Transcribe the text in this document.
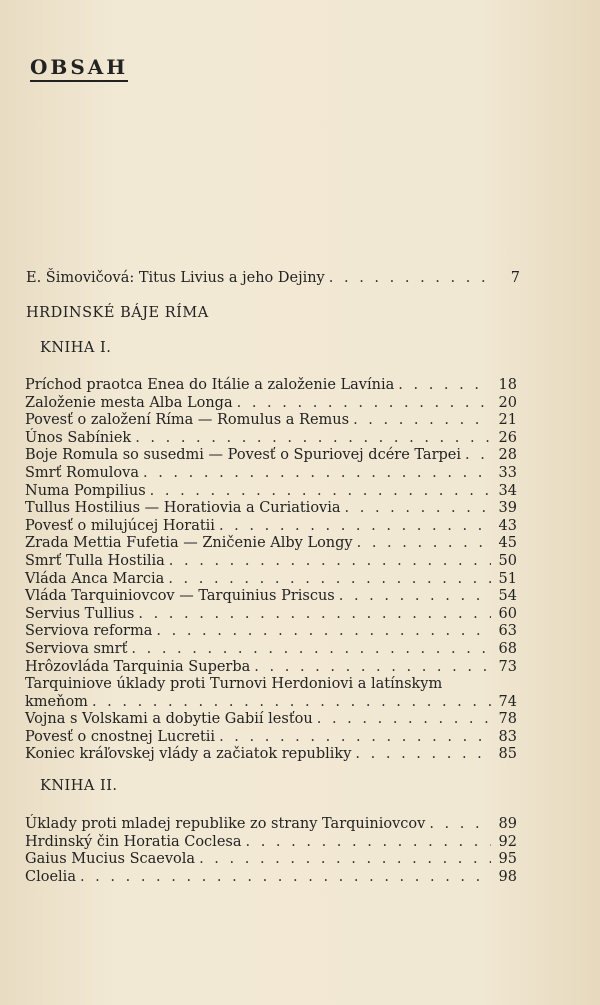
OBSAH
E. Šimovičová: Titus Livius a jeho Dejiny . . .	7
HRDINSKÉ BÁJE RÍMA
KNIHA I.
Príchod praotca Enea do Itálie a založenie Lavínia . . .	18
Založenie mesta Alba Longa . . .	20
Povesť o založení Ríma — Romulus a Remus . . .	21
Únos Sabíniek . . .	26
Boje Romula so susedmi — Povesť o Spuriovej dcére Tarpei . . .	28
Smrť Romulova . . .	33
Numa Pompilius . . .	34
Tullus Hostilius — Horatiovia a Curiatiovia . . .	39
Povesť o milujúcej Horatii . . .	43
Zrada Mettia Fufetia — Zničenie Alby Longy . . .	45
Smrť Tulla Hostilia . . .	50
Vláda Anca Marcia . . .	51
Vláda Tarquiniovcov — Tarquinius Priscus . . .	54
Servius Tullius . . .	60
Serviova reforma . . .	63
Serviova smrť . . .	68
Hrôzovláda Tarquinia Superba . . .	73
Tarquiniove úklady proti Turnovi Herdoniovi a latínskym
kmeňom . . .	74
Vojna s Volskami a dobytie Gabií lesťou . . .	78
Povesť o cnostnej Lucretii . . .	83
Koniec kráľovskej vlády a začiatok republiky . . .	85
KNIHA II.
Úklady proti mladej republike zo strany Tarquiniovcov . . .	89
Hrdinský čin Horatia Coclesa . . .	92
Gaius Mucius Scaevola . . .	95
Cloelia . . .	98
